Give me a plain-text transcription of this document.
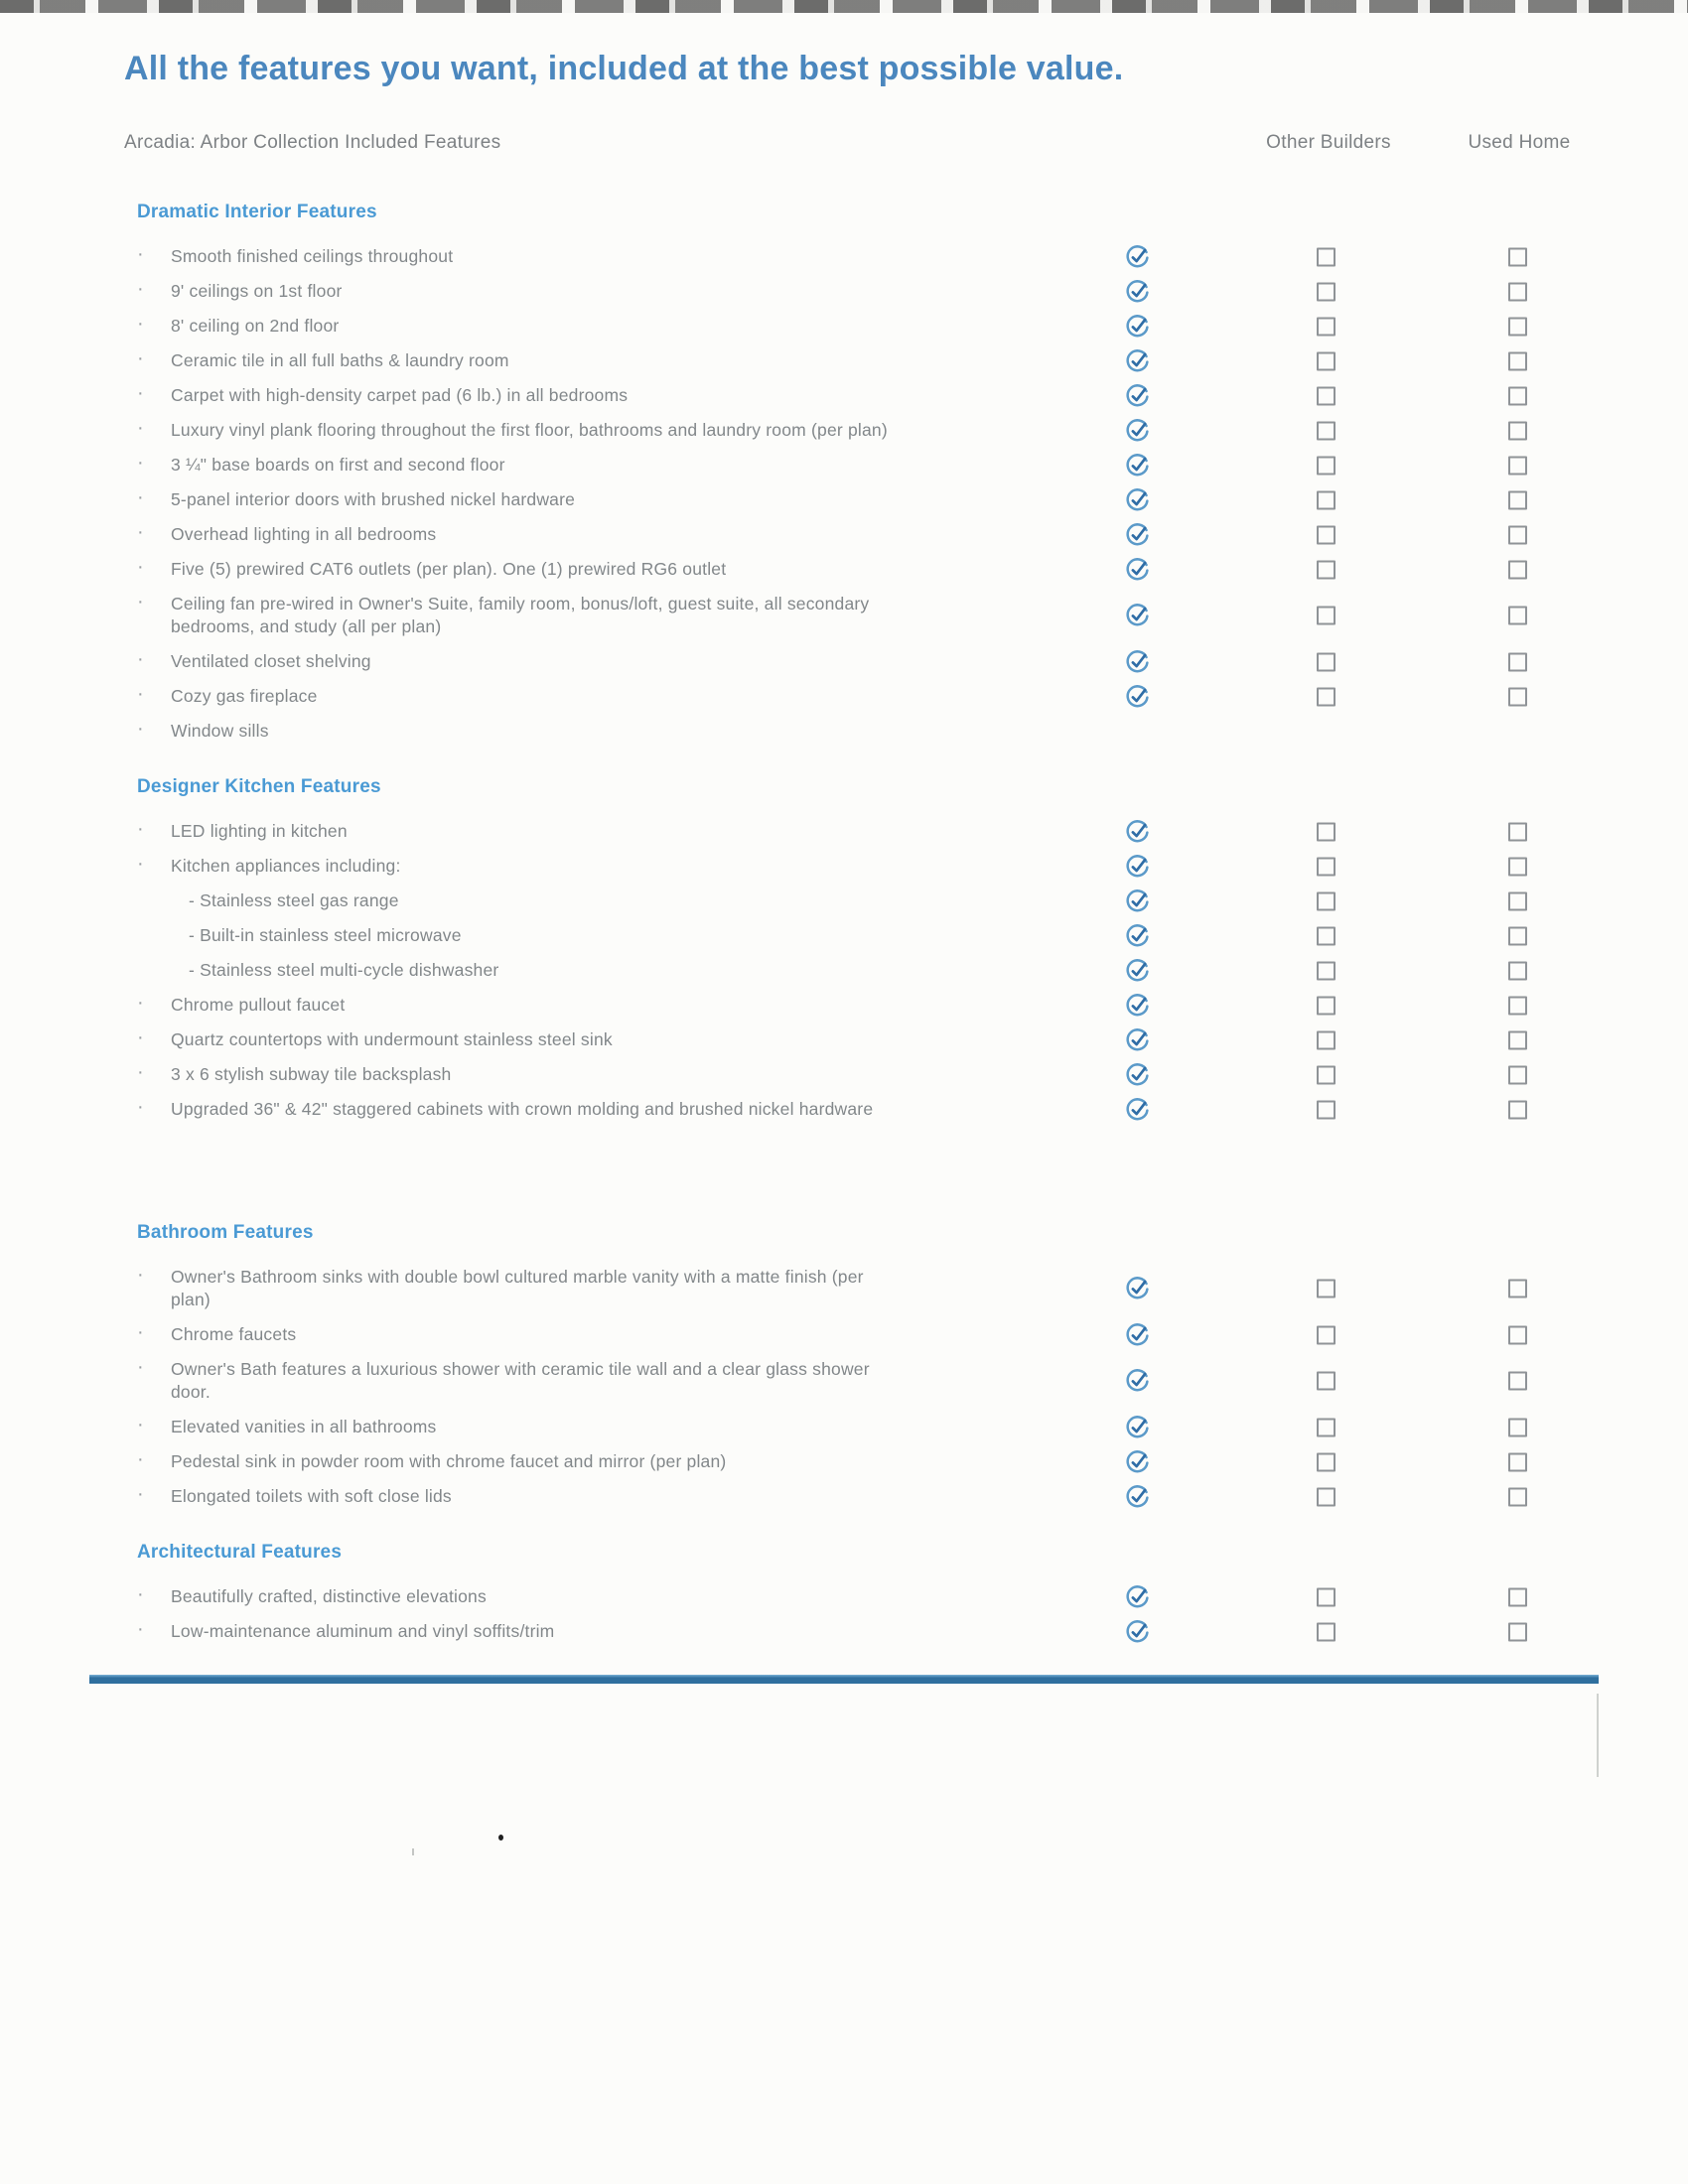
All the features you want, included at the best possible value.
Arcadia: Arbor Collection Included Features	Other Builders	Used Home
Dramatic Interior Features
· Smooth finished ceilings throughout
· 9' ceilings on 1st floor
· 8' ceiling on 2nd floor
· Ceramic tile in all full baths & laundry room
· Carpet with high-density carpet pad (6 lb.) in all bedrooms
· Luxury vinyl plank flooring throughout the first floor, bathrooms and laundry room (per plan)
· 3 ¼" base boards on first and second floor
· 5-panel interior doors with brushed nickel hardware
· Overhead lighting in all bedrooms
· Five (5) prewired CAT6 outlets (per plan). One (1) prewired RG6 outlet
· Ceiling fan pre-wired in Owner's Suite, family room, bonus/loft, guest suite, all secondary bedrooms, and study (all per plan)
· Ventilated closet shelving
· Cozy gas fireplace
· Window sills
Designer Kitchen Features
· LED lighting in kitchen
· Kitchen appliances including:
- Stainless steel gas range
- Built-in stainless steel microwave
- Stainless steel multi-cycle dishwasher
· Chrome pullout faucet
· Quartz countertops with undermount stainless steel sink
· 3 x 6 stylish subway tile backsplash
· Upgraded 36" & 42" staggered cabinets with crown molding and brushed nickel hardware
Bathroom Features
· Owner's Bathroom sinks with double bowl cultured marble vanity with a matte finish (per plan)
· Chrome faucets
· Owner's Bath features a luxurious shower with ceramic tile wall and a clear glass shower door.
· Elevated vanities in all bathrooms
· Pedestal sink in powder room with chrome faucet and mirror (per plan)
· Elongated toilets with soft close lids
Architectural Features
· Beautifully crafted, distinctive elevations
· Low-maintenance aluminum and vinyl soffits/trim
